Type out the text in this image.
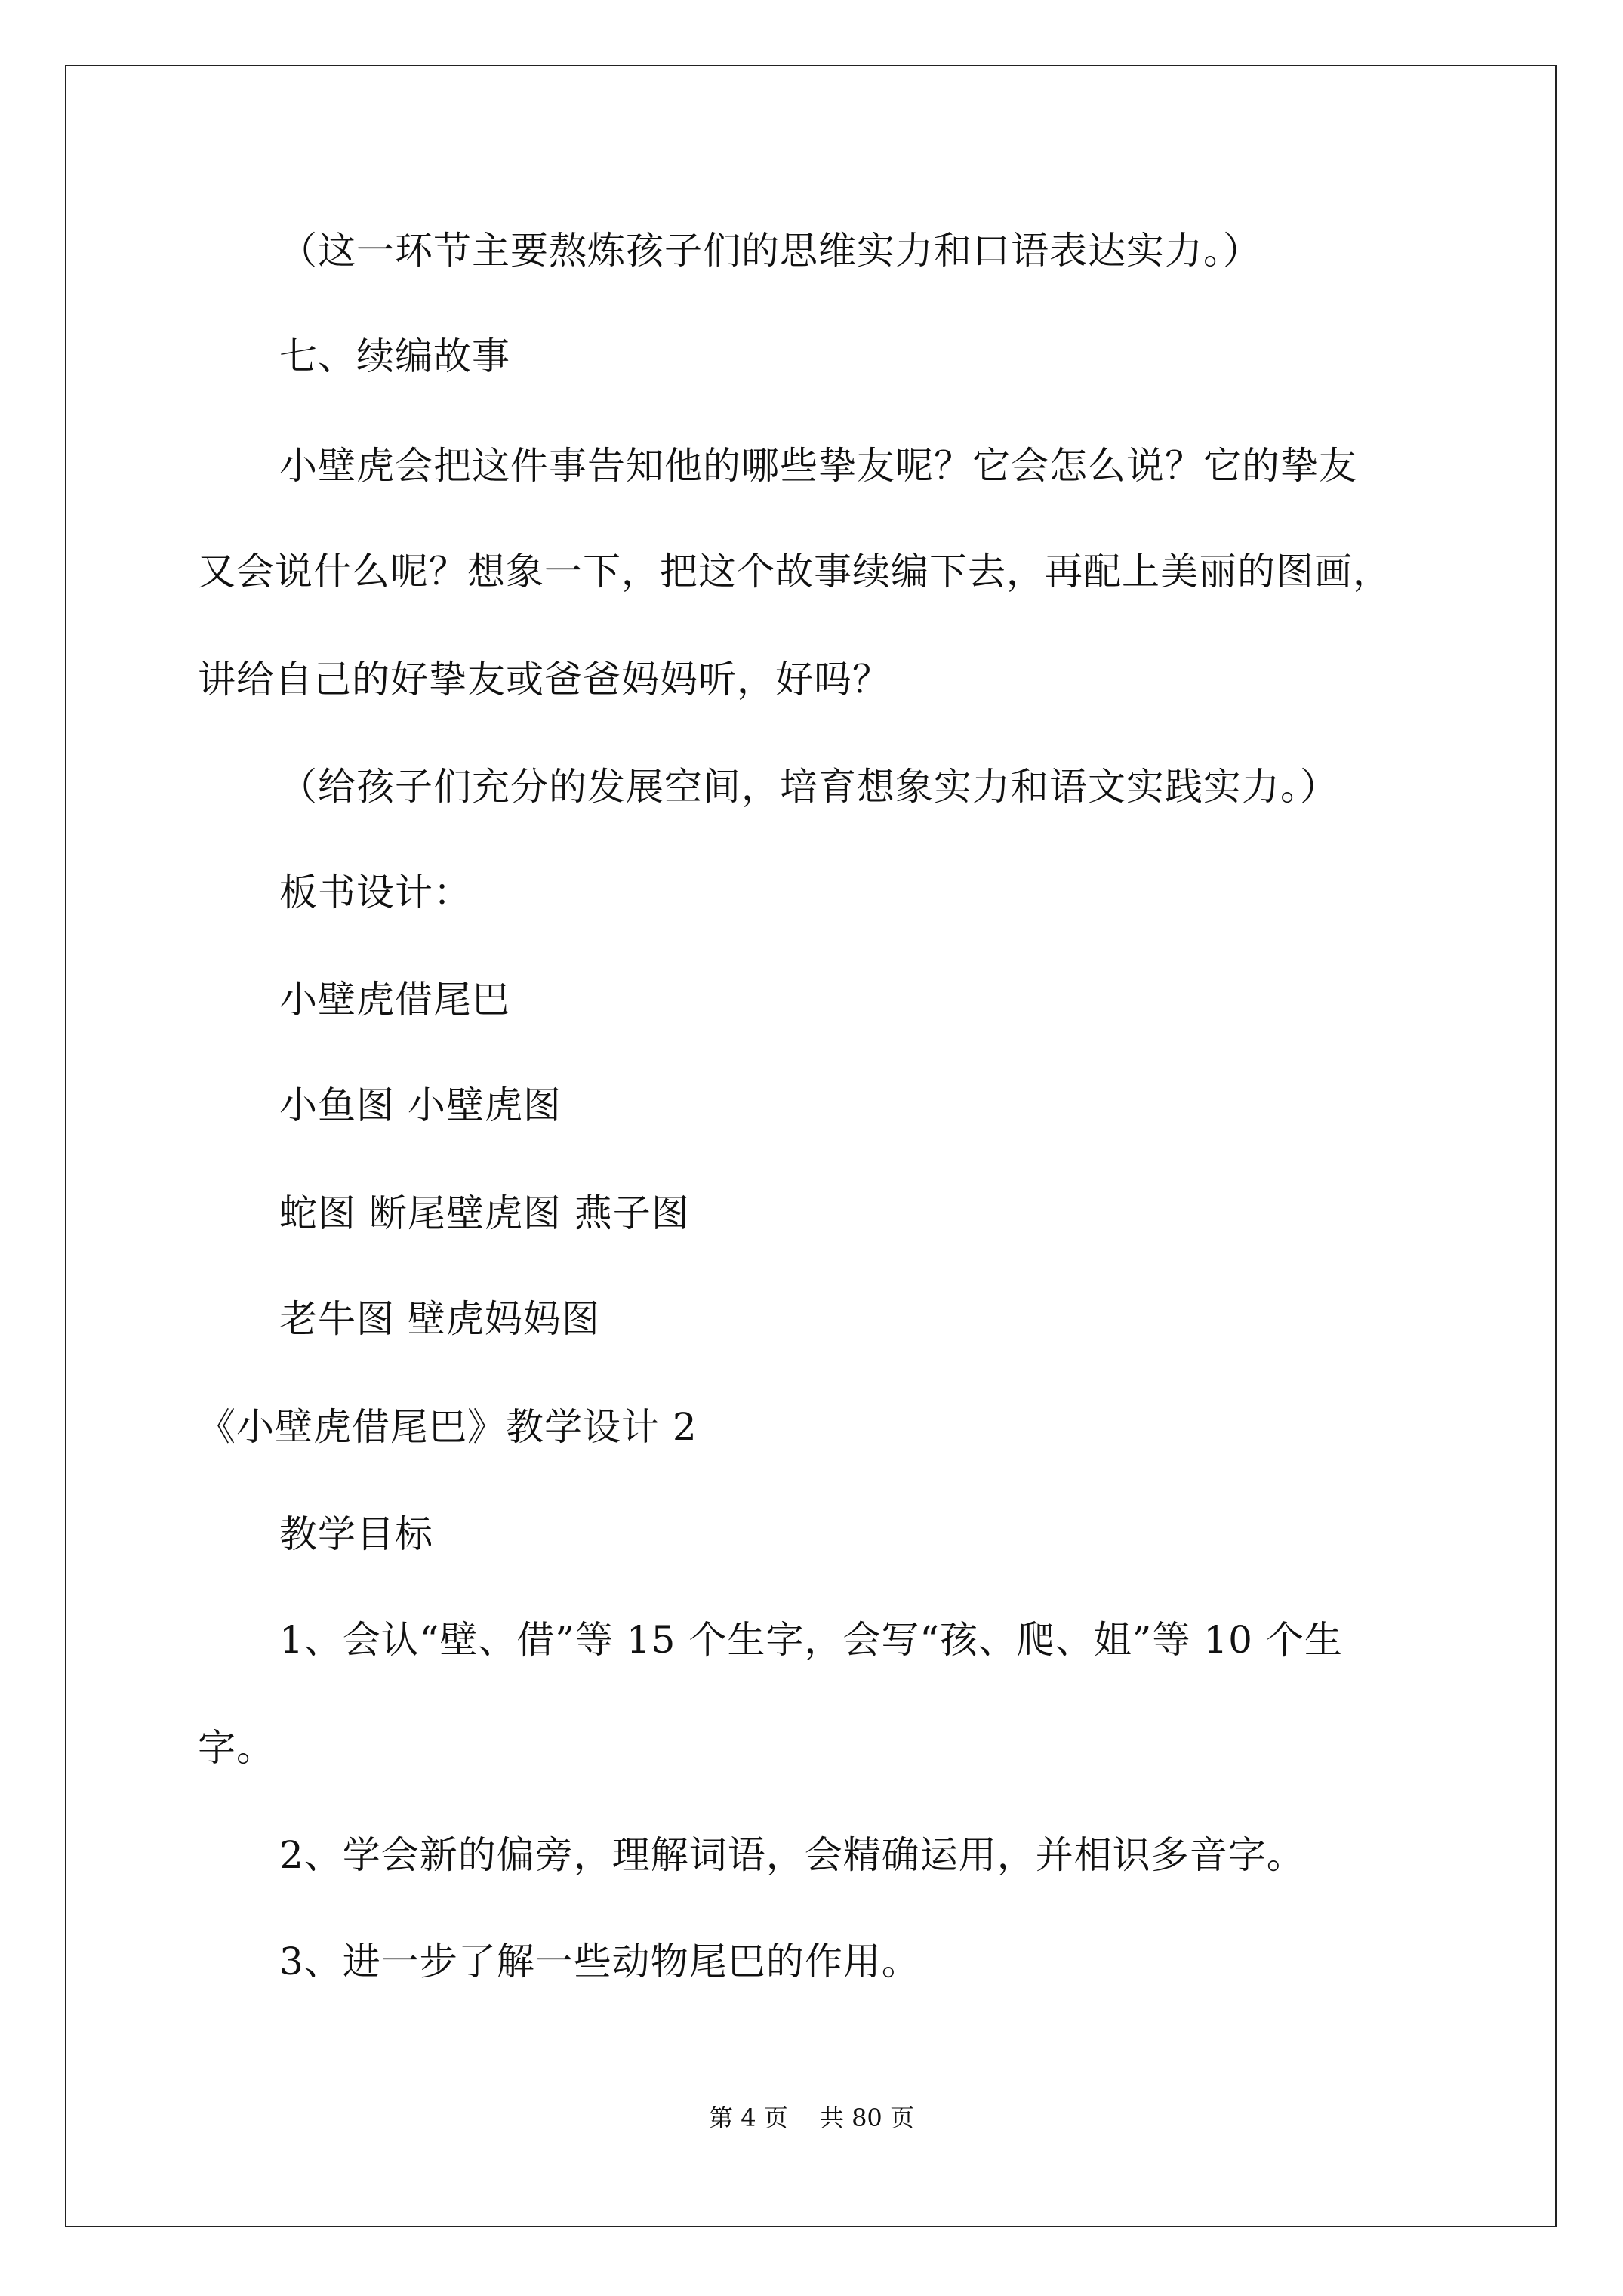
（这一环节主要熬炼孩子们的思维实力和口语表达实力。）
七、续编故事
小壁虎会把这件事告知他的哪些挚友呢？它会怎么说？它的挚友
又会说什么呢？想象一下，把这个故事续编下去，再配上美丽的图画，
讲给自己的好挚友或爸爸妈妈听，好吗？
（给孩子们充分的发展空间，培育想象实力和语文实践实力。）
板书设计：
小壁虎借尾巴
小鱼图 小壁虎图
蛇图 断尾壁虎图 燕子图
老牛图 壁虎妈妈图
《小壁虎借尾巴》教学设计 2
教学目标
1、会认“壁、借”等 15 个生字，会写“孩、爬、姐”等 10 个生
字。
2、学会新的偏旁，理解词语，会精确运用，并相识多音字。
3、进一步了解一些动物尾巴的作用。
第 4 页　 共 80 页
